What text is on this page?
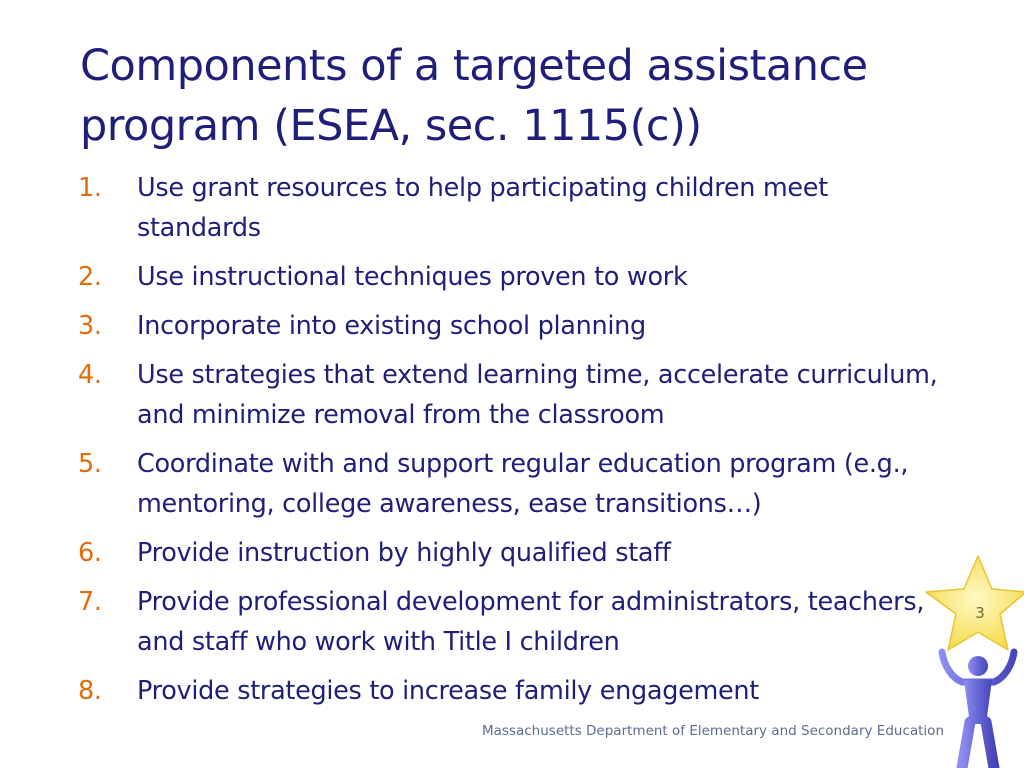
Components of a targeted assistance program (ESEA, sec. 1115(c))
1. Use grant resources to help participating children meet standards
2. Use instructional techniques proven to work
3. Incorporate into existing school planning
4. Use strategies that extend learning time, accelerate curriculum, and minimize removal from the classroom
5. Coordinate with and support regular education program (e.g., mentoring, college awareness, ease transitions…)
6. Provide instruction by highly qualified staff
7. Provide professional development for administrators, teachers, and staff who work with Title I children
8. Provide strategies to increase family engagement
Massachusetts Department of Elementary and Secondary Education
3
